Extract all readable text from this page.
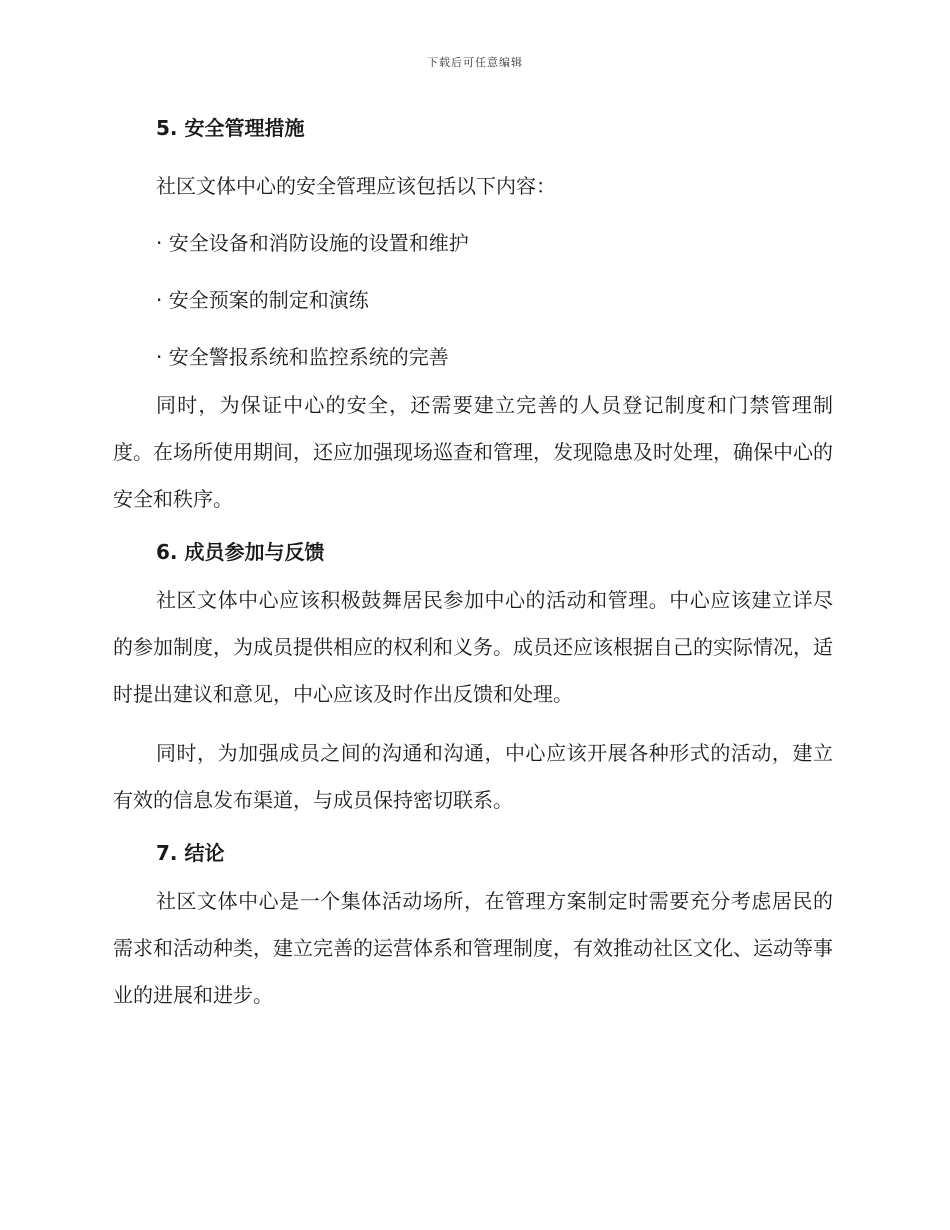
下载后可任意编辑
5. 安全管理措施
社区文体中心的安全管理应该包括以下内容：
· 安全设备和消防设施的设置和维护
· 安全预案的制定和演练
· 安全警报系统和监控系统的完善

同时，为保证中心的安全，还需要建立完善的人员登记制度和门禁管理制度。在场所使用期间，还应加强现场巡查和管理，发现隐患及时处理，确保中心的安全和秩序。

6. 成员参加与反馈

社区文体中心应该积极鼓舞居民参加中心的活动和管理。中心应该建立详尽的参加制度，为成员提供相应的权利和义务。成员还应该根据自己的实际情况，适时提出建议和意见，中心应该及时作出反馈和处理。

同时，为加强成员之间的沟通和沟通，中心应该开展各种形式的活动，建立有效的信息发布渠道，与成员保持密切联系。

7. 结论

社区文体中心是一个集体活动场所，在管理方案制定时需要充分考虑居民的需求和活动种类，建立完善的运营体系和管理制度，有效推动社区文化、运动等事业的进展和进步。
